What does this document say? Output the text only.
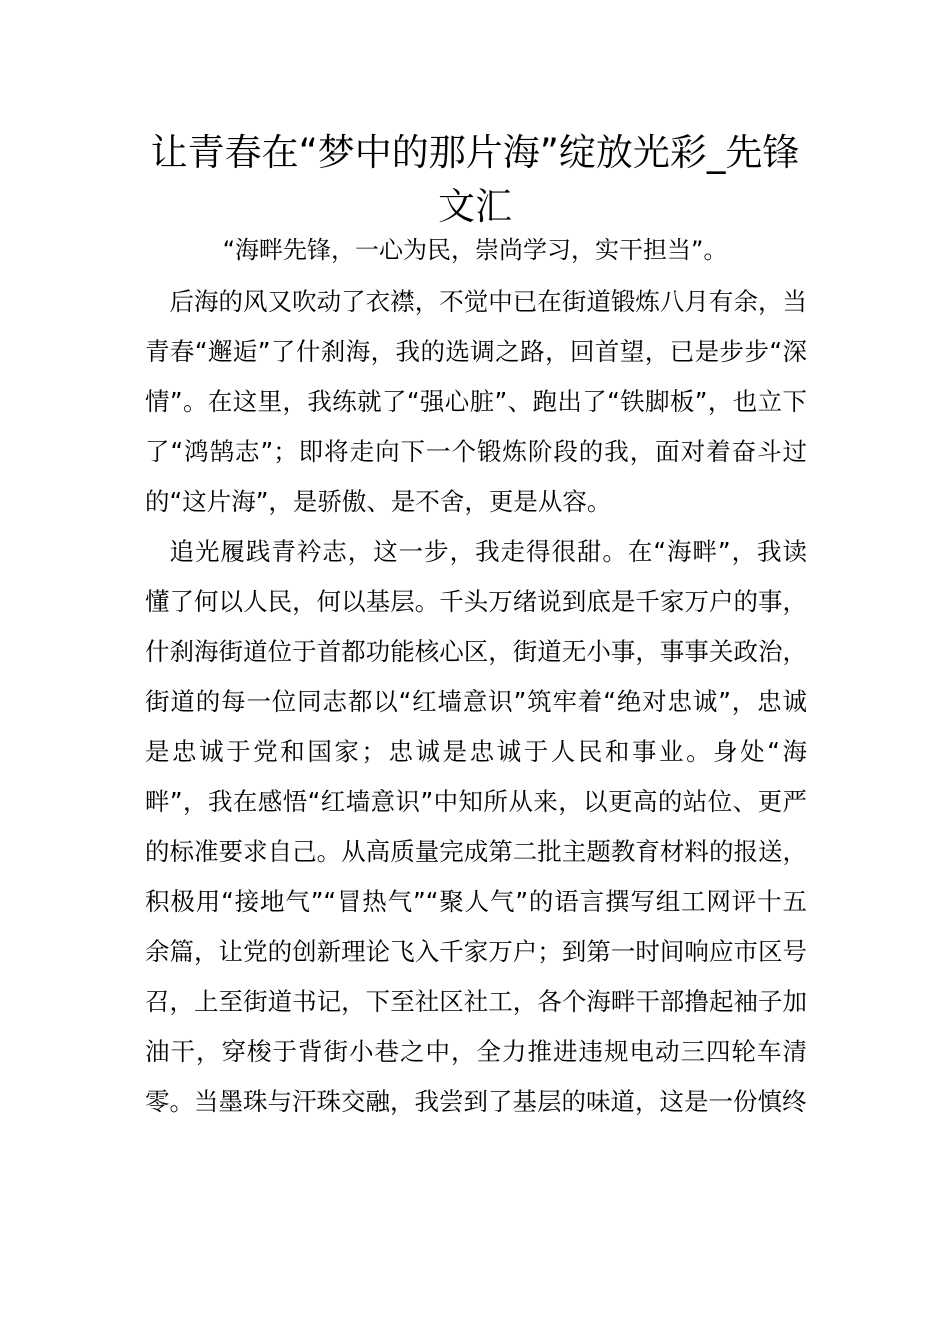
让青春在“梦中的那片海”绽放光彩_先锋文汇
“海畔先锋，一心为民，崇尚学习，实干担当”。

后海的风又吹动了衣襟，不觉中已在街道锻炼八月有余，当青春“邂逅”了什刹海，我的选调之路，回首望，已是步步“深情”。在这里，我练就了“强心脏”、跑出了“铁脚板”，也立下了“鸿鹄志”；即将走向下一个锻炼阶段的我，面对着奋斗过的“这片海”，是骄傲、是不舍，更是从容。

追光履践青衿志，这一步，我走得很甜。在“海畔”，我读懂了何以人民，何以基层。千头万绪说到底是千家万户的事，什刹海街道位于首都功能核心区，街道无小事，事事关政治，街道的每一位同志都以“红墙意识”筑牢着“绝对忠诚”，忠诚是忠诚于党和国家；忠诚是忠诚于人民和事业。身处“海畔”，我在感悟“红墙意识”中知所从来，以更高的站位、更严的标准要求自己。从高质量完成第二批主题教育材料的报送，积极用“接地气”“冒热气”“聚人气”的语言撰写组工网评十五余篇，让党的创新理论飞入千家万户；到第一时间响应市区号召，上至街道书记，下至社区社工，各个海畔干部撸起袖子加油干，穿梭于背街小巷之中，全力推进违规电动三四轮车清零。当墨珠与汗珠交融，我尝到了基层的味道，这是一份慎终
